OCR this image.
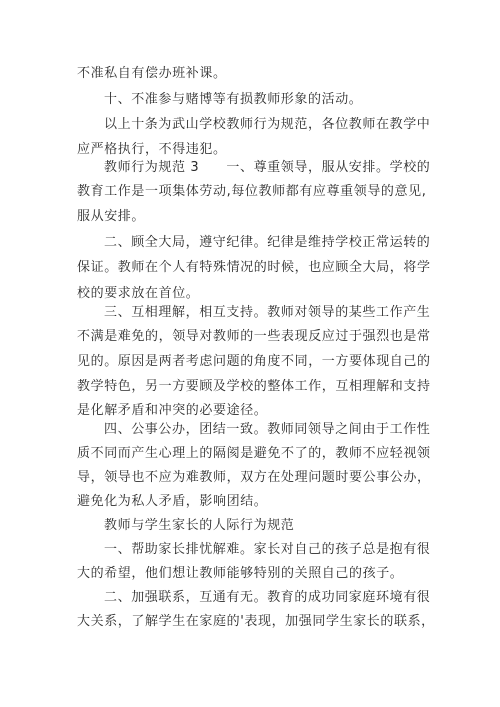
不准私自有偿办班补课。
十、不准参与赌博等有损教师形象的活动。
以上十条为武山学校教师行为规范，各位教师在教学中
应严格执行，不得违犯。
教师行为规范 3　　一、尊重领导，服从安排。学校的
教育工作是一项集体劳动,每位教师都有应尊重领导的意见,
服从安排。
二、顾全大局，遵守纪律。纪律是维持学校正常运转的
保证。教师在个人有特殊情况的时候，也应顾全大局，将学
校的要求放在首位。
三、互相理解，相互支持。教师对领导的某些工作产生
不满是难免的，领导对教师的一些表现反应过于强烈也是常
见的。原因是两者考虑问题的角度不同，一方要体现自己的
教学特色，另一方要顾及学校的整体工作，互相理解和支持
是化解矛盾和冲突的必要途径。
四、公事公办，团结一致。教师同领导之间由于工作性
质不同而产生心理上的隔阂是避免不了的，教师不应轻视领
导，领导也不应为难教师，双方在处理问题时要公事公办，
避免化为私人矛盾，影响团结。
教师与学生家长的人际行为规范
一、帮助家长排忧解难。家长对自己的孩子总是抱有很
大的希望，他们想让教师能够特别的关照自己的孩子。
二、加强联系，互通有无。教育的成功同家庭环境有很
大关系，了解学生在家庭的'表现，加强同学生家长的联系，
